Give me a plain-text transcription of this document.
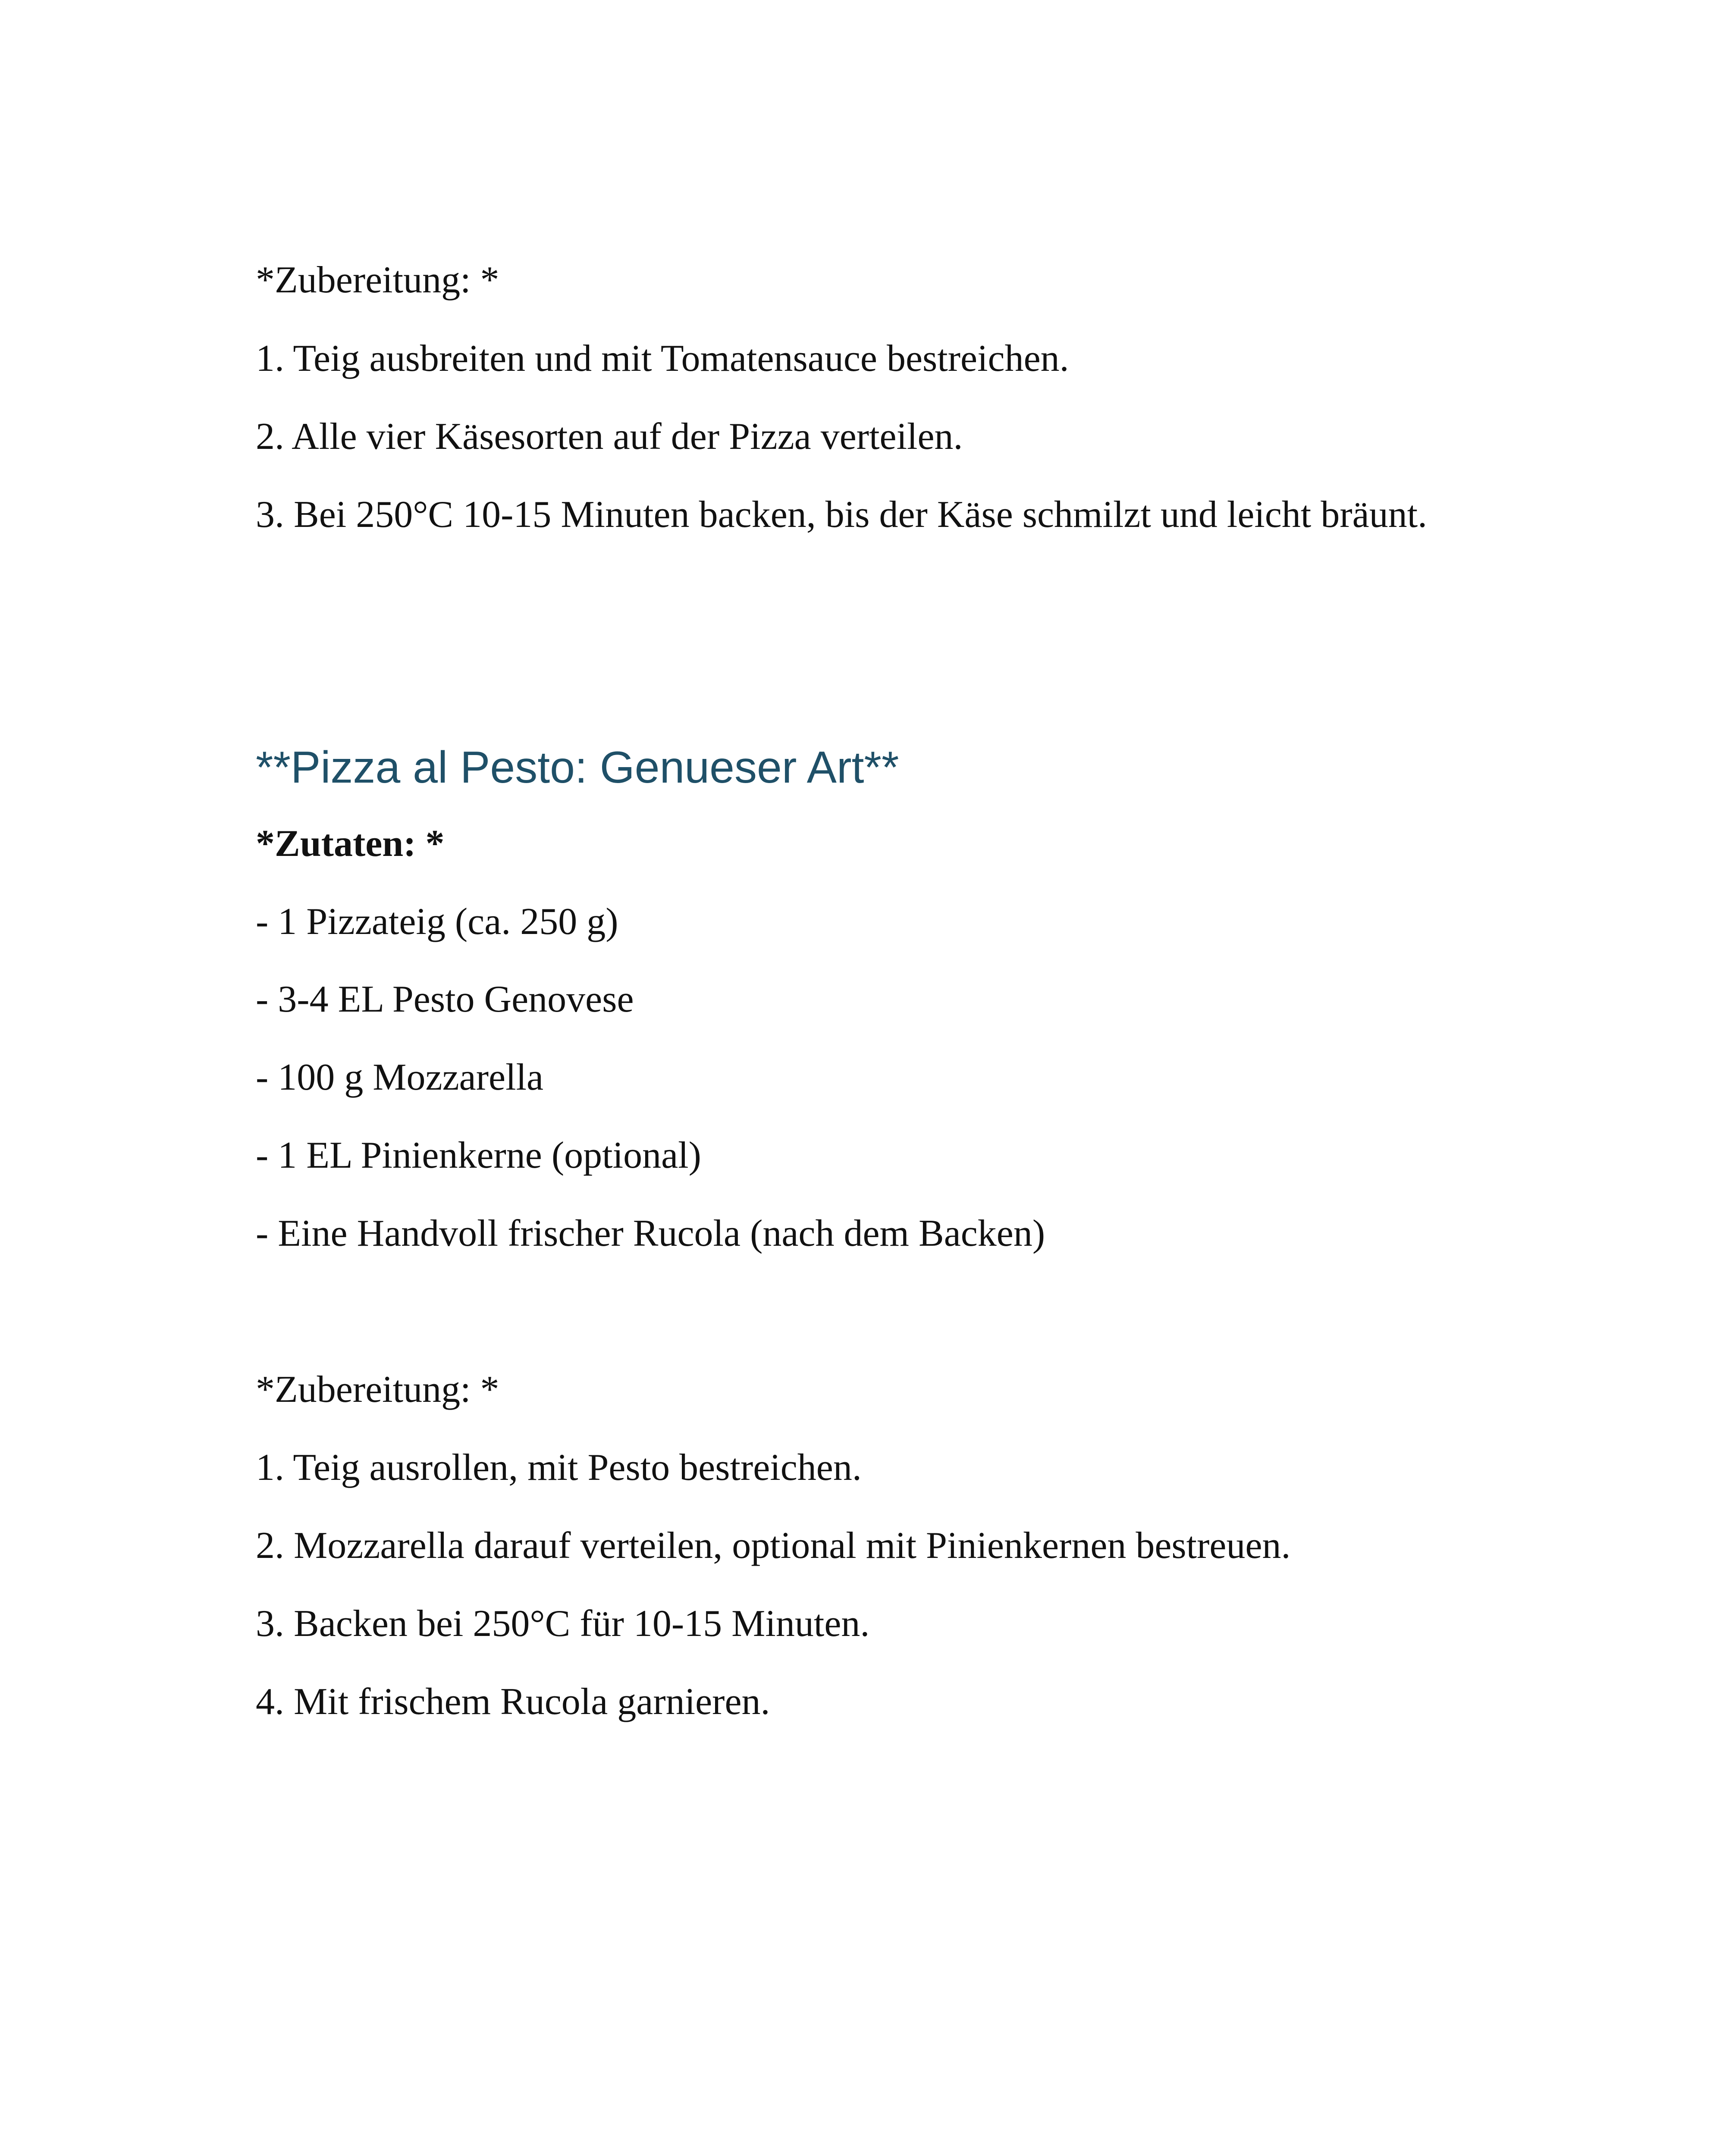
*Zubereitung: *

1. Teig ausbreiten und mit Tomatensauce bestreichen.

2. Alle vier Käsesorten auf der Pizza verteilen.

3. Bei 250°C 10-15 Minuten backen, bis der Käse schmilzt und leicht bräunt.

**Pizza al Pesto: Genueser Art**

*Zutaten: *

- 1 Pizzateig (ca. 250 g)

- 3-4 EL Pesto Genovese

- 100 g Mozzarella

- 1 EL Pinienkerne (optional)

- Eine Handvoll frischer Rucola (nach dem Backen)

*Zubereitung: *

1. Teig ausrollen, mit Pesto bestreichen.

2. Mozzarella darauf verteilen, optional mit Pinienkernen bestreuen.

3. Backen bei 250°C für 10-15 Minuten.

4. Mit frischem Rucola garnieren.
